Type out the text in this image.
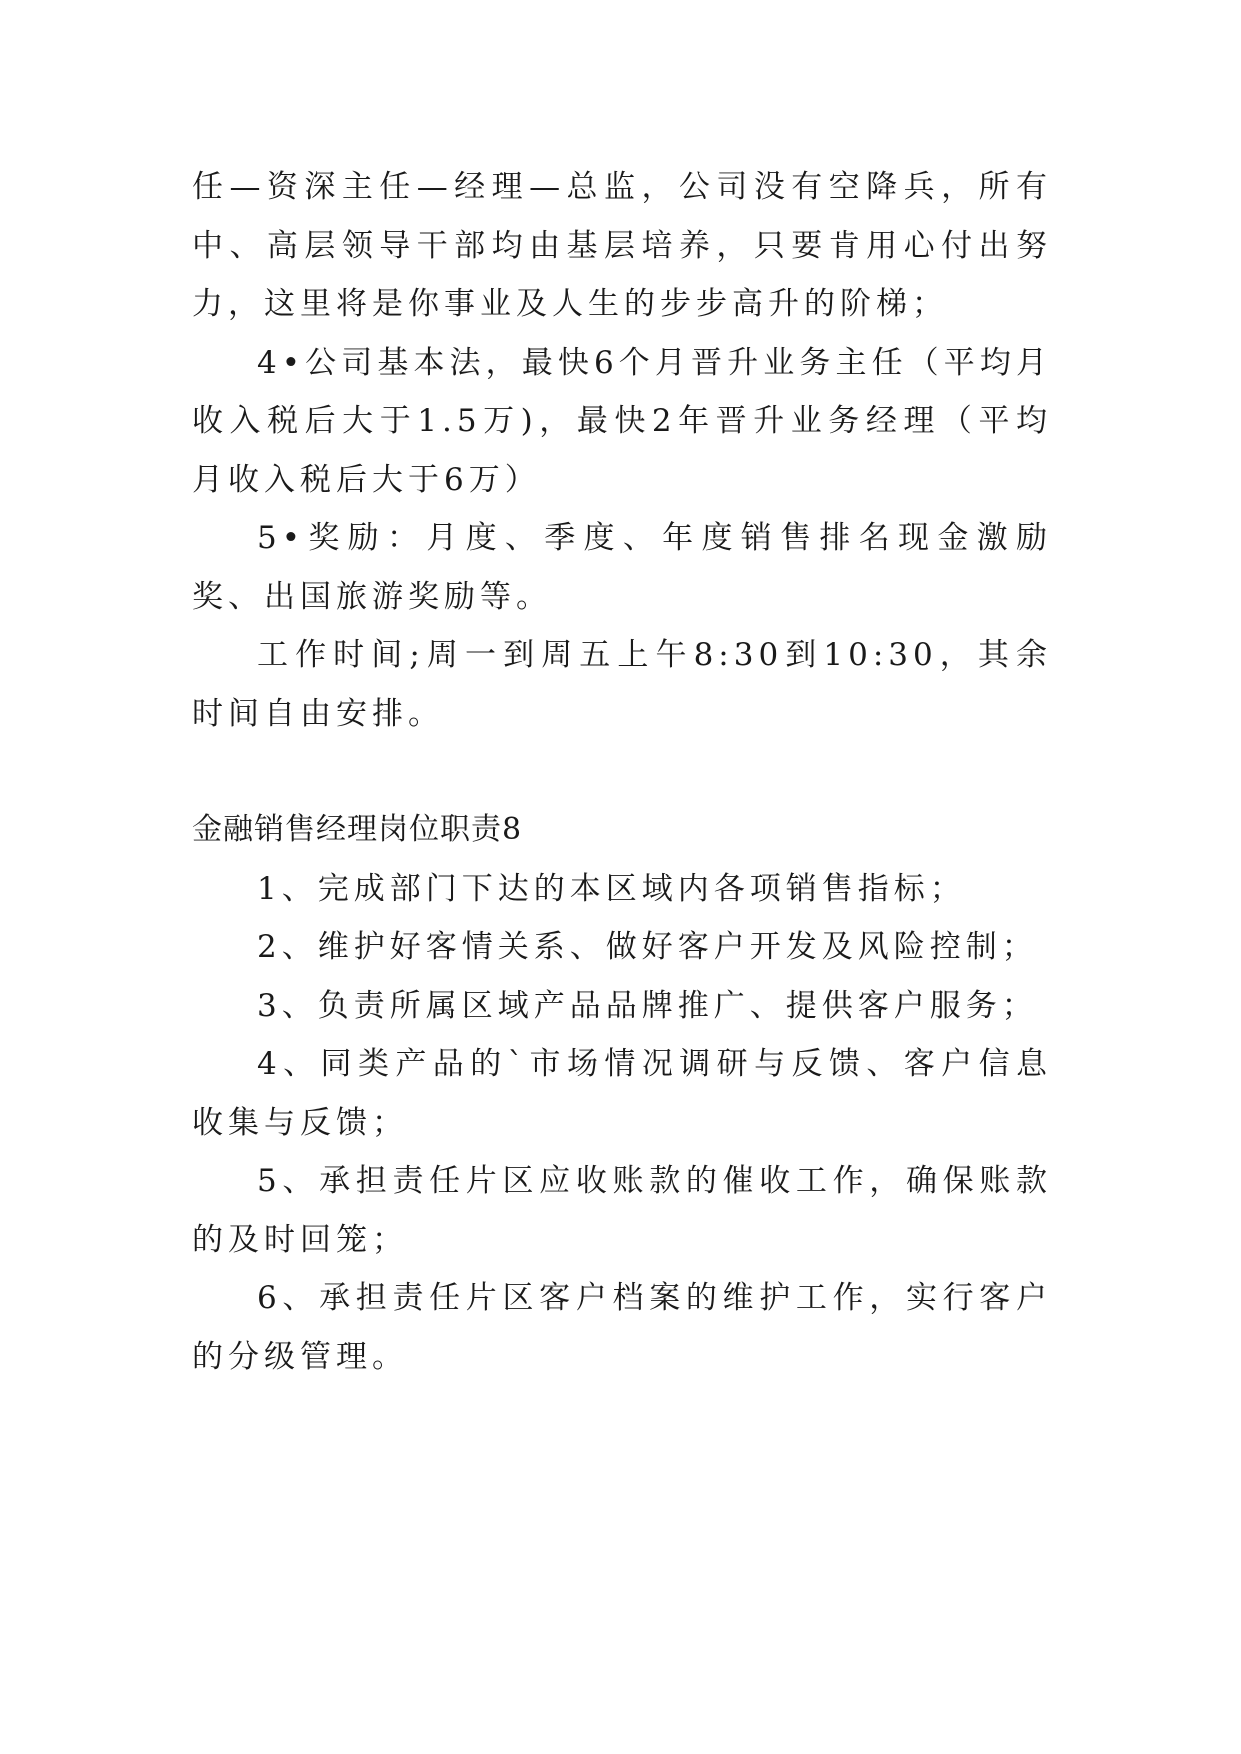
任—资深主任—经理—总监，公司没有空降兵，所有中、高层领导干部均由基层培养，只要肯用心付出努力，这里将是你事业及人生的步步高升的阶梯；

4•公司基本法，最快6个月晋升业务主任（平均月收入税后大于1.5万)，最快2年晋升业务经理（平均月收入税后大于6万）

5•奖励：月度、季度、年度销售排名现金激励奖、出国旅游奖励等。

工作时间;周一到周五上午8:30到10:30，其余时间自由安排。

金融销售经理岗位职责8

1、完成部门下达的本区域内各项销售指标；

2、维护好客情关系、做好客户开发及风险控制；

3、负责所属区域产品品牌推广、提供客户服务；

4、同类产品的`市场情况调研与反馈、客户信息收集与反馈；

5、承担责任片区应收账款的催收工作，确保账款的及时回笼；

6、承担责任片区客户档案的维护工作，实行客户的分级管理。
